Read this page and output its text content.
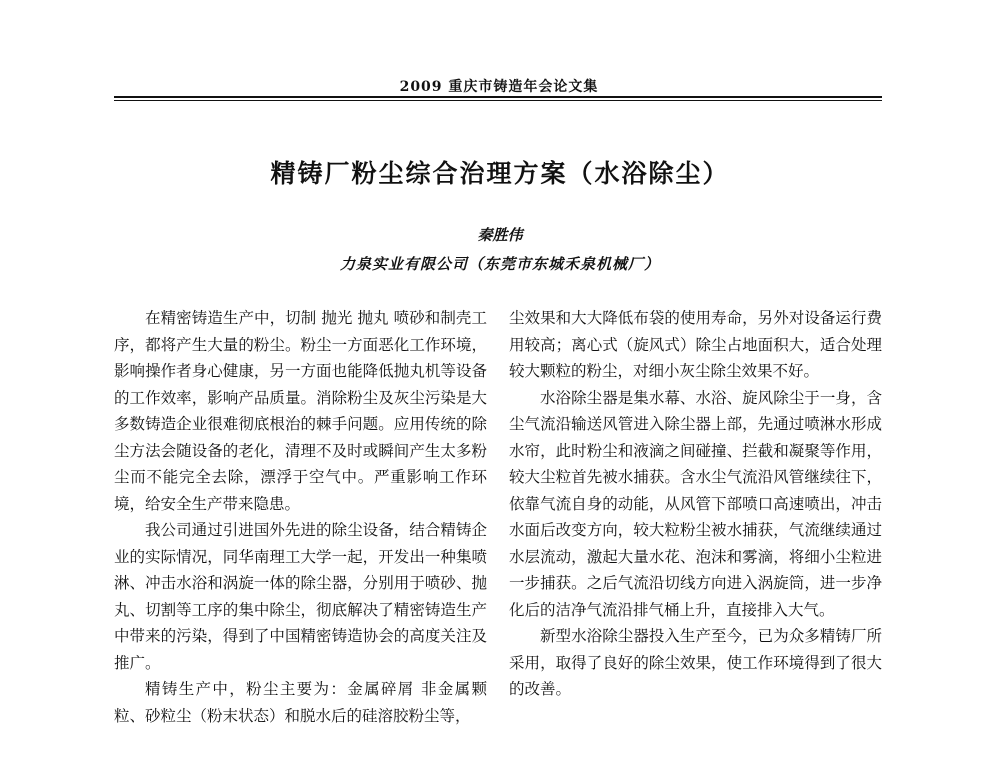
2009 重庆市铸造年会论文集
精铸厂粉尘综合治理方案（水浴除尘）
秦胜伟
力泉实业有限公司（东莞市东城禾泉机械厂）

在精密铸造生产中，切制 抛光 抛丸 喷砂和制壳工序，都将产生大量的粉尘。粉尘一方面恶化工作环境，影响操作者身心健康，另一方面也能降低抛丸机等设备的工作效率，影响产品质量。消除粉尘及灰尘污染是大多数铸造企业很难彻底根治的棘手问题。应用传统的除尘方法会随设备的老化，清理不及时或瞬间产生太多粉尘而不能完全去除，漂浮于空气中。严重影响工作环境，给安全生产带来隐患。

我公司通过引进国外先进的除尘设备，结合精铸企业的实际情况，同华南理工大学一起，开发出一种集喷淋、冲击水浴和涡旋一体的除尘器，分别用于喷砂、抛丸、切割等工序的集中除尘，彻底解决了精密铸造生产中带来的污染，得到了中国精密铸造协会的高度关注及推广。

精铸生产中，粉尘主要为：金属碎屑 非金属颗粒、砂粒尘（粉末状态）和脱水后的硅溶胶粉尘等，

尘效果和大大降低布袋的使用寿命，另外对设备运行费用较高；离心式（旋风式）除尘占地面积大，适合处理较大颗粒的粉尘，对细小灰尘除尘效果不好。

水浴除尘器是集水幕、水浴、旋风除尘于一身，含尘气流沿输送风管进入除尘器上部，先通过喷淋水形成水帘，此时粉尘和液滴之间碰撞、拦截和凝聚等作用，较大尘粒首先被水捕获。含水尘气流沿风管继续往下，依靠气流自身的动能，从风管下部喷口高速喷出，冲击水面后改变方向，较大粒粉尘被水捕获，气流继续通过水层流动，激起大量水花、泡沫和雾滴，将细小尘粒进一步捕获。之后气流沿切线方向进入涡旋筒，进一步净化后的洁净气流沿排气桶上升，直接排入大气。

新型水浴除尘器投入生产至今，已为众多精铸厂所采用，取得了良好的除尘效果，使工作环境得到了很大的改善。
